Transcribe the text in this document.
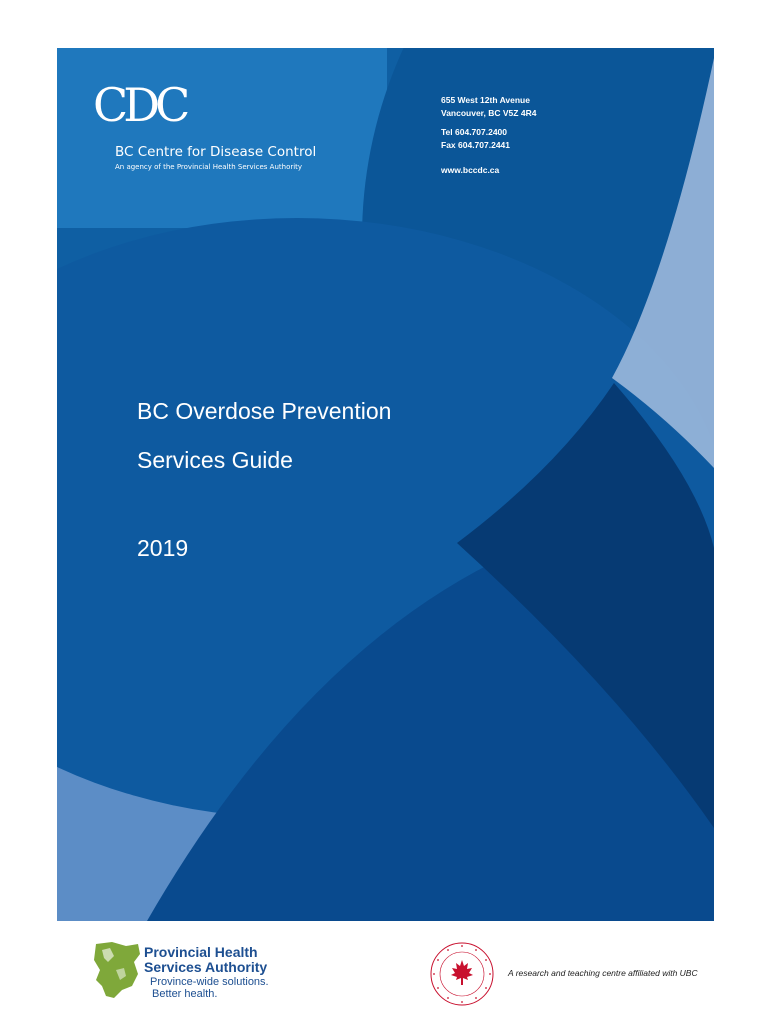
CDC
BC Centre for Disease Control
An agency of the Provincial Health Services Authority
655 West 12th Avenue
Vancouver, BC V5Z 4R4
Tel 604.707.2400
Fax 604.707.2441
www.bccdc.ca
BC Overdose Prevention
Services Guide
2019
Provincial Health
Services Authority
Province-wide solutions.
Better health.
A research and teaching centre affiliated with UBC
